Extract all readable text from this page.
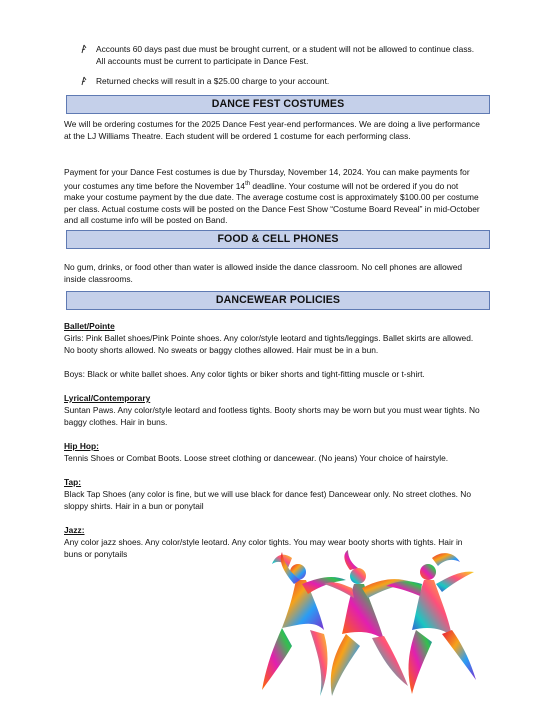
Accounts 60 days past due must be brought current, or a student will not be allowed to continue class. All accounts must be current to participate in Dance Fest.
Returned checks will result in a $25.00 charge to your account.
DANCE FEST COSTUMES
We will be ordering costumes for the 2025 Dance Fest year-end performances. We are doing a live performance at the LJ Williams Theatre. Each student will be ordered 1 costume for each performing class.
Payment for your Dance Fest costumes is due by Thursday, November 14, 2024. You can make payments for your costumes any time before the November 14th deadline. Your costume will not be ordered if you do not make your costume payment by the due date. The average costume cost is approximately $100.00 per costume per class. Actual costume costs will be posted on the Dance Fest Show “Costume Board Reveal” in mid-October and all costume info will be posted on Band.
FOOD & CELL PHONES
No gum, drinks, or food other than water is allowed inside the dance classroom. No cell phones are allowed inside classrooms.
DANCEWEAR POLICIES
Ballet/Pointe
Girls: Pink Ballet shoes/Pink Pointe shoes. Any color/style leotard and tights/leggings. Ballet skirts are allowed. No booty shorts allowed. No sweats or baggy clothes allowed. Hair must be in a bun.
Boys: Black or white ballet shoes. Any color tights or biker shorts and tight-fitting muscle or t-shirt.
Lyrical/Contemporary
Suntan Paws. Any color/style leotard and footless tights. Booty shorts may be worn but you must wear tights. No baggy clothes. Hair in buns.
Hip Hop:
Tennis Shoes or Combat Boots. Loose street clothing or dancewear. (No jeans) Your choice of hairstyle.
Tap:
Black Tap Shoes (any color is fine, but we will use black for dance fest) Dancewear only. No street clothes. No sloppy shirts. Hair in a bun or ponytail
Jazz:
Any color jazz shoes. Any color/style leotard. Any color tights. You may wear booty shorts with tights. Hair in buns or ponytails
